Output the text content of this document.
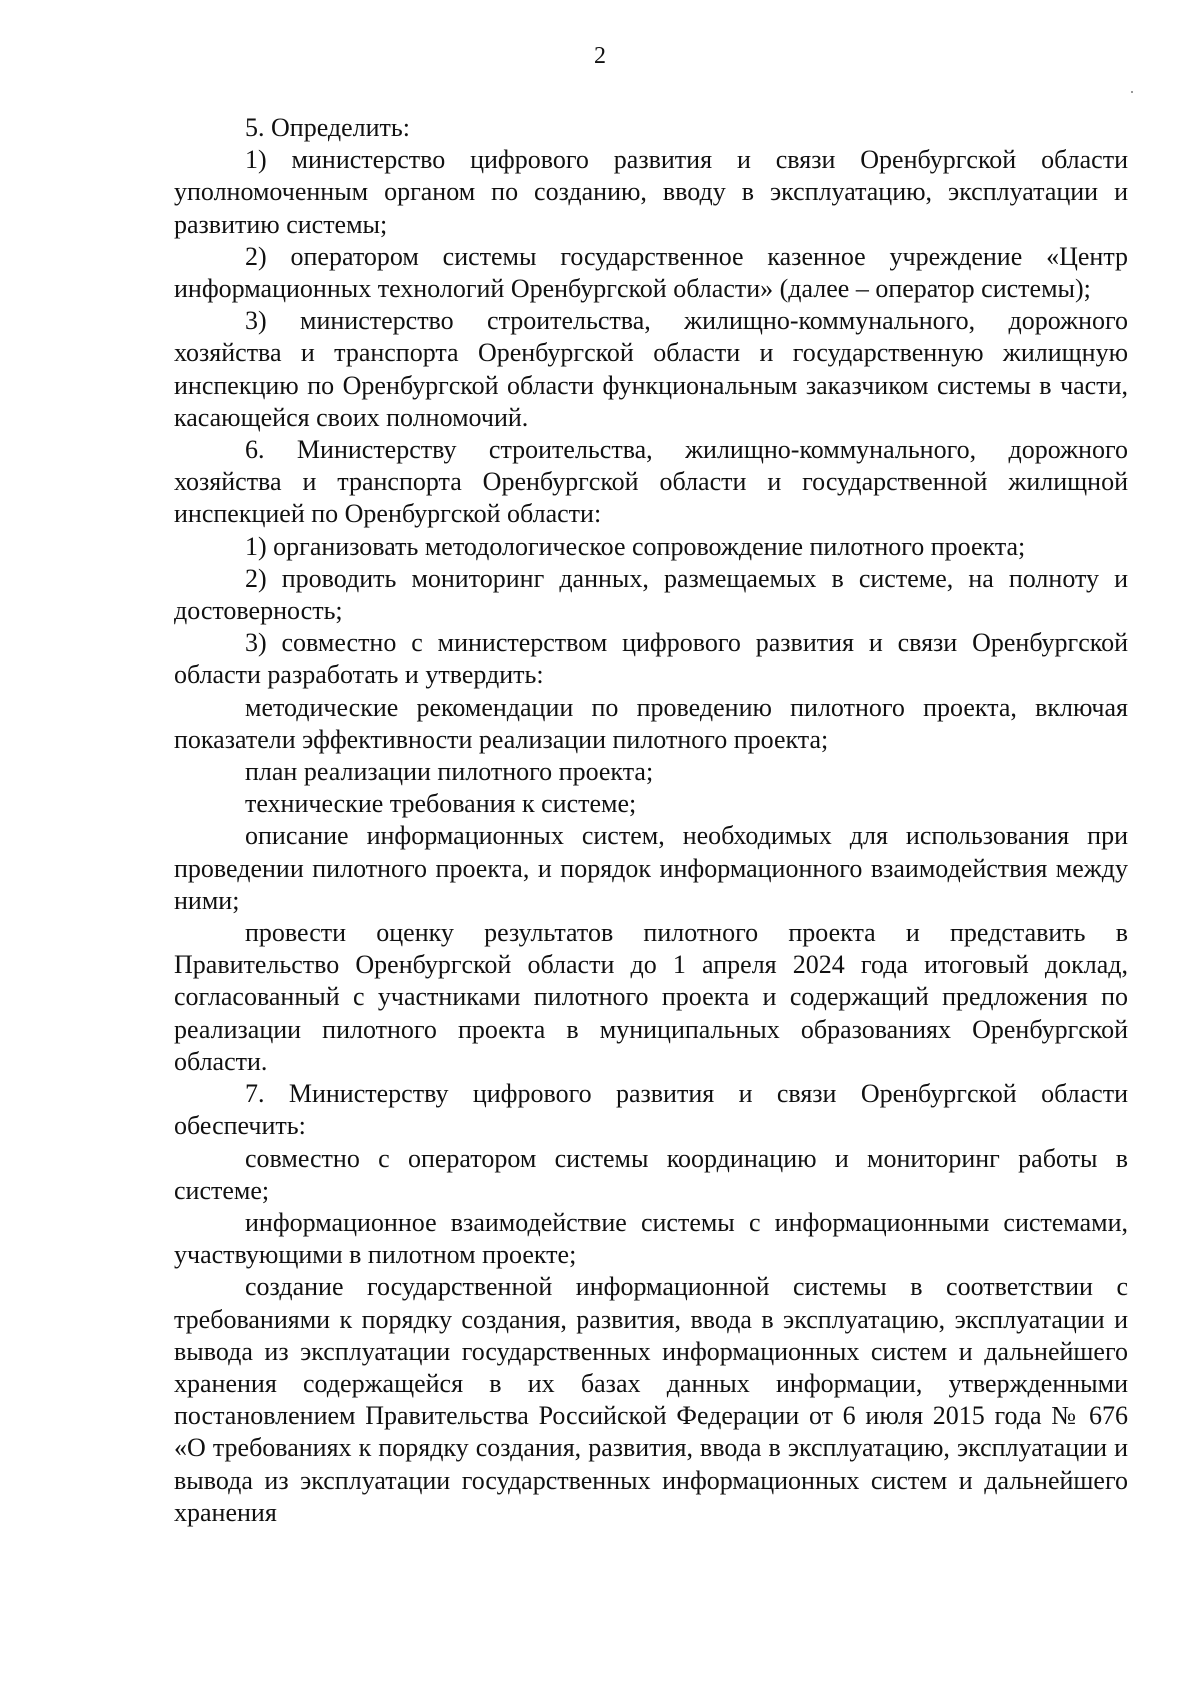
2

5. Определить:

1) министерство цифрового развития и связи Оренбургской области уполномоченным органом по созданию, вводу в эксплуатацию, эксплуатации и развитию системы;

2) оператором системы государственное казенное учреждение «Центр информационных технологий Оренбургской области» (далее – оператор системы);

3) министерство строительства, жилищно-коммунального, дорожного хозяйства и транспорта Оренбургской области и государственную жилищную инспекцию по Оренбургской области функциональным заказчиком системы в части, касающейся своих полномочий.

6. Министерству строительства, жилищно-коммунального, дорожного хозяйства и транспорта Оренбургской области и государственной жилищной инспекцией по Оренбургской области:

1) организовать методологическое сопровождение пилотного проекта;

2) проводить мониторинг данных, размещаемых в системе, на полноту и достоверность;

3) совместно с министерством цифрового развития и связи Оренбургской области разработать и утвердить:

методические рекомендации по проведению пилотного проекта, включая показатели эффективности реализации пилотного проекта;

план реализации пилотного проекта;

технические требования к системе;

описание информационных систем, необходимых для использования при проведении пилотного проекта, и порядок информационного взаимодействия между ними;

провести оценку результатов пилотного проекта и представить в Правительство Оренбургской области до 1 апреля 2024 года итоговый доклад, согласованный с участниками пилотного проекта и содержащий предложения по реализации пилотного проекта в муниципальных образованиях Оренбургской области.

7. Министерству цифрового развития и связи Оренбургской области обеспечить:

совместно с оператором системы координацию и мониторинг работы в системе;

информационное взаимодействие системы с информационными системами, участвующими в пилотном проекте;

создание государственной информационной системы в соответствии с требованиями к порядку создания, развития, ввода в эксплуатацию, эксплуатации и вывода из эксплуатации государственных информационных систем и дальнейшего хранения содержащейся в их базах данных информации, утвержденными постановлением Правительства Российской Федерации от 6 июля 2015 года № 676 «О требованиях к порядку создания, развития, ввода в эксплуатацию, эксплуатации и вывода из эксплуатации государственных информационных систем и дальнейшего хранения
